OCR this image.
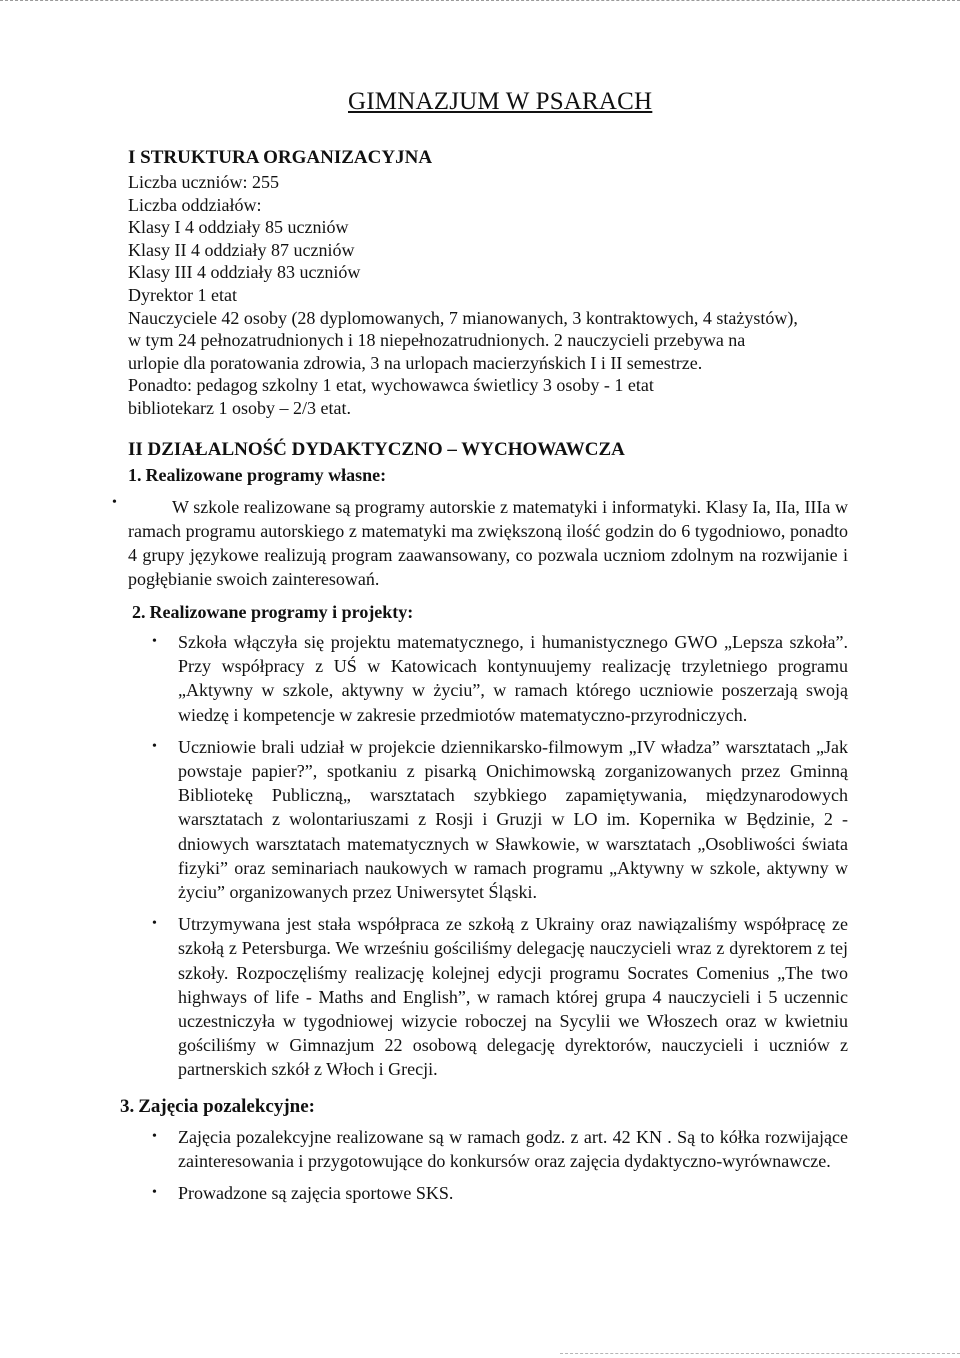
GIMNAZJUM W PSARACH

I STRUKTURA ORGANIZACYJNA

Liczba uczniów: 255

Liczba oddziałów:

Klasy I 4 oddziały 85 uczniów

Klasy II 4 oddziały 87 uczniów

Klasy III 4 oddziały 83 uczniów

Dyrektor 1 etat

Nauczyciele 42 osoby (28 dyplomowanych, 7 mianowanych, 3 kontraktowych, 4 stażystów),

w tym 24 pełnozatrudnionych i 18 niepełnozatrudnionych. 2 nauczycieli przebywa na

urlopie dla poratowania zdrowia, 3 na urlopach macierzyńskich I i II semestrze.

Ponadto: pedagog szkolny 1 etat, wychowawca świetlicy 3 osoby - 1 etat

bibliotekarz 1 osoby – 2/3 etat.

II DZIAŁALNOŚĆ DYDAKTYCZNO – WYCHOWAWCZA

1. Realizowane programy własne:

•	W szkole realizowane są programy autorskie z matematyki i informatyki. Klasy Ia, IIa, IIIa w ramach programu autorskiego z matematyki ma zwiększoną ilość godzin do 6 tygodniowo, ponadto 4 grupy językowe realizują program zaawansowany, co pozwala uczniom zdolnym na rozwijanie i pogłębianie swoich zainteresowań.

2. Realizowane programy i projekty:

• Szkoła włączyła się projektu matematycznego, i humanistycznego GWO „Lepsza szkoła”. Przy współpracy z UŚ w Katowicach kontynuujemy realizację trzyletniego programu „Aktywny w szkole, aktywny w życiu”, w ramach którego uczniowie poszerzają swoją wiedzę i kompetencje w zakresie przedmiotów matematyczno-przyrodniczych.
• Uczniowie brali udział w projekcie dziennikarsko-filmowym „IV władza” warsztatach „Jak powstaje papier?”, spotkaniu z pisarką Onichimowską zorganizowanych przez Gminną Bibliotekę Publiczną„ warsztatach szybkiego zapamiętywania, międzynarodowych warsztatach z wolontariuszami z Rosji i Gruzji w LO im. Kopernika w Będzinie, 2 - dniowych warsztatach matematycznych w Sławkowie, w warsztatach „Osobliwości świata fizyki” oraz seminariach naukowych w ramach programu „Aktywny w szkole, aktywny w życiu” organizowanych przez Uniwersytet Śląski.
• Utrzymywana jest stała współpraca ze szkołą z Ukrainy oraz nawiązaliśmy współpracę ze szkołą z Petersburga. We wrześniu gościliśmy delegację nauczycieli wraz z dyrektorem z tej szkoły. Rozpoczęliśmy realizację kolejnej edycji programu Socrates Comenius „The two highways of life - Maths and English”, w ramach której grupa 4 nauczycieli i 5 uczennic uczestniczyła w tygodniowej wizycie roboczej na Sycylii we Włoszech oraz w kwietniu gościliśmy w Gimnazjum 22 osobową delegację dyrektorów, nauczycieli i uczniów z partnerskich szkół z Włoch i Grecji.

3. Zajęcia pozalekcyjne:

• Zajęcia pozalekcyjne realizowane są w ramach godz. z art. 42 KN . Są to kółka rozwijające zainteresowania i przygotowujące do konkursów oraz zajęcia dydaktyczno-wyrównawcze.
• Prowadzone są zajęcia sportowe SKS.
